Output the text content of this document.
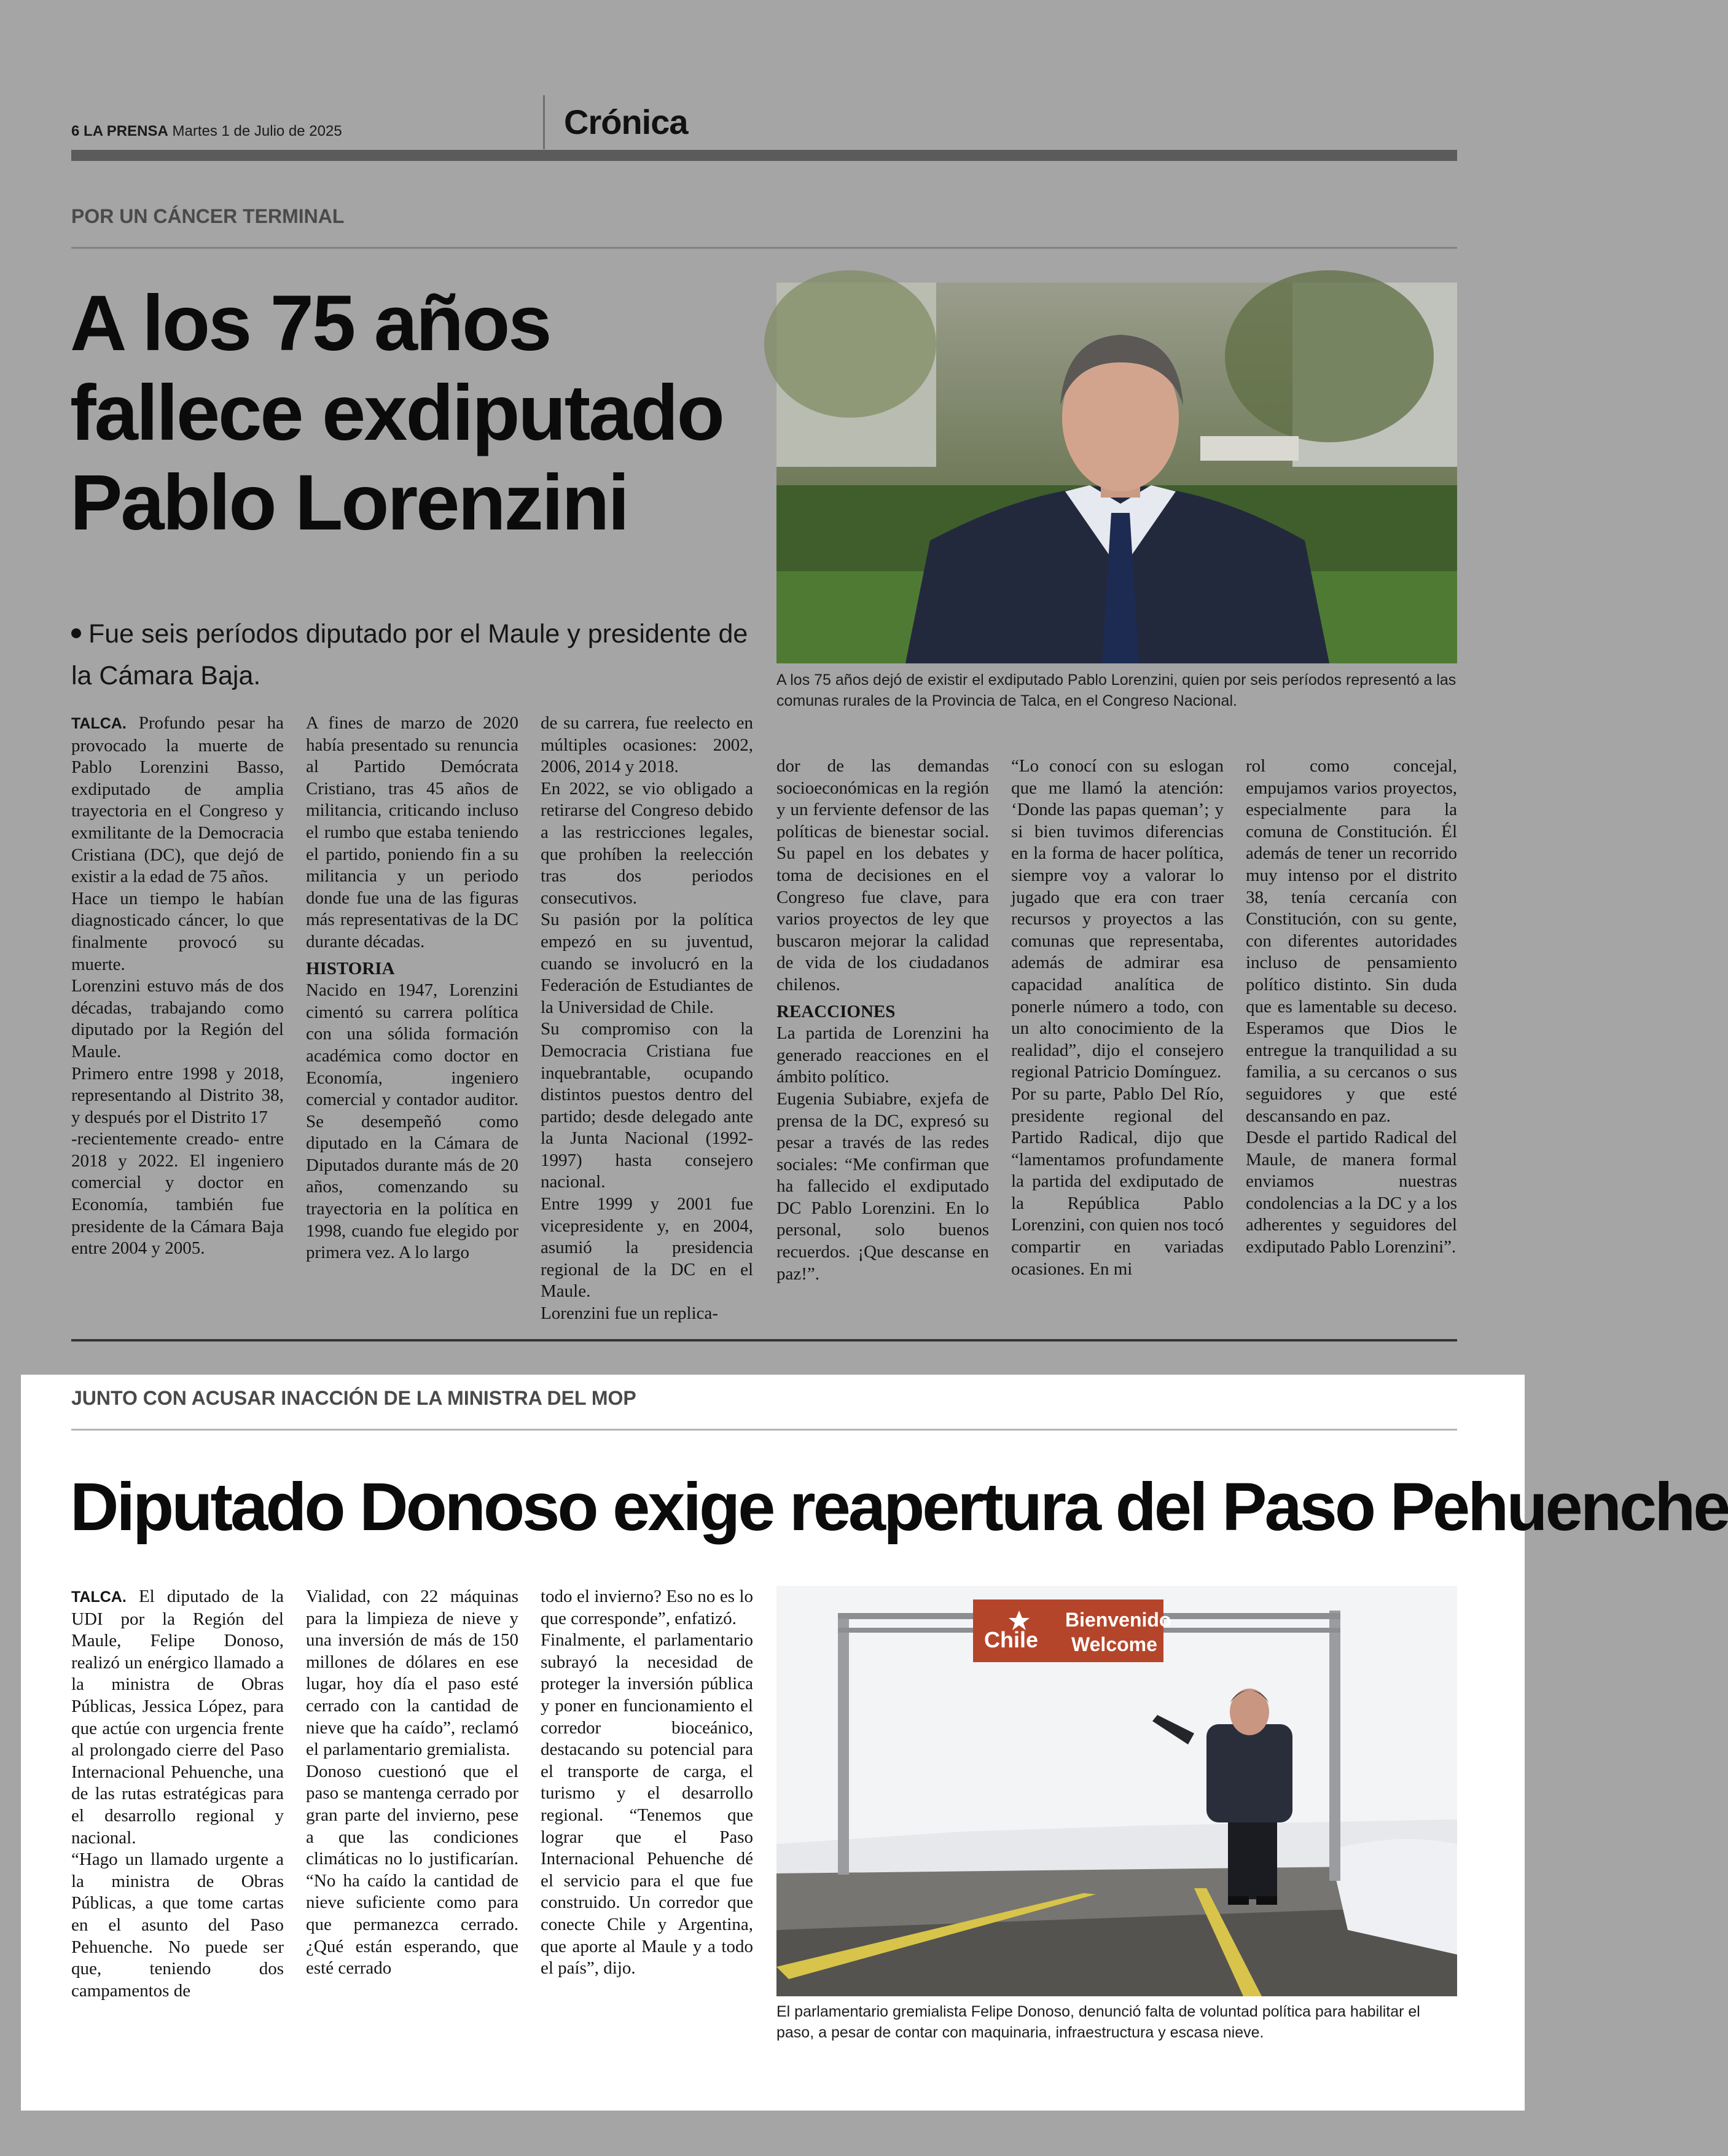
6 LA PRENSA Martes 1 de Julio de 2025	Crónica
POR UN CÁNCER TERMINAL
A los 75 años
fallece exdiputado
Pablo Lorenzini
Fue seis períodos diputado por el Maule y presidente de la Cámara Baja.	A los 75 años dejó de existir el exdiputado Pablo Lorenzini, quien por seis períodos representó a las comunas rurales de la Provincia de Talca, en el Congreso Nacional.

TALCA. Profundo pesar ha provocado la muerte de Pablo Lorenzini Basso, exdiputado de amplia trayectoria en el Congreso y exmilitante de la Democracia Cristiana (DC), que dejó de existir a la edad de 75 años.

Hace un tiempo le habían diagnosticado cáncer, lo que finalmente provocó su muerte.

Lorenzini estuvo más de dos décadas, trabajando como diputado por la Región del Maule.

Primero entre 1998 y 2018, representando al Distrito 38, y después por el Distrito 17

-recientemente creado- entre 2018 y 2022. El ingeniero comercial y doctor en Economía, también fue presidente de la Cámara Baja entre 2004 y 2005.

A fines de marzo de 2020 había presentado su renuncia al Partido Demócrata Cristiano, tras 45 años de militancia, criticando incluso el rumbo que estaba teniendo el partido, poniendo fin a su militancia y un periodo donde fue una de las figuras más representativas de la DC durante décadas.

HISTORIA

Nacido en 1947, Lorenzini cimentó su carrera política con una sólida formación académica como doctor en Economía, ingeniero comercial y contador auditor. Se desempeñó como diputado en la Cámara de Diputados durante más de 20 años, comenzando su trayectoria en la política en 1998, cuando fue elegido por primera vez. A lo largo

de su carrera, fue reelecto en múltiples ocasiones: 2002, 2006, 2014 y 2018.

En 2022, se vio obligado a retirarse del Congreso debido a las restricciones legales, que prohíben la reelección tras dos periodos consecutivos.

Su pasión por la política empezó en su juventud, cuando se involucró en la Federación de Estudiantes de la Universidad de Chile.

Su compromiso con la Democracia Cristiana fue inquebrantable, ocupando distintos puestos dentro del partido; desde delegado ante la Junta Nacional (1992-1997) hasta consejero nacional.

Entre 1999 y 2001 fue vicepresidente y, en 2004, asumió la presidencia regional de la DC en el Maule.

Lorenzini fue un replica-

dor de las demandas socioeconómicas en la región y un ferviente defensor de las políticas de bienestar social. Su papel en los debates y toma de decisiones en el Congreso fue clave, para varios proyectos de ley que buscaron mejorar la calidad de vida de los ciudadanos chilenos.

REACCIONES

La partida de Lorenzini ha generado reacciones en el ámbito político.

Eugenia Subiabre, exjefa de prensa de la DC, expresó su pesar a través de las redes sociales: “Me confirman que ha fallecido el exdiputado DC Pablo Lorenzini. En lo personal, solo buenos recuerdos. ¡Que descanse en paz!”.

“Lo conocí con su eslogan que me llamó la atención: ‘Donde las papas queman’; y si bien tuvimos diferencias en la forma de hacer política, siempre voy a valorar lo jugado que era con traer recursos y proyectos a las comunas que representaba, además de admirar esa capacidad analítica de ponerle número a todo, con un alto conocimiento de la realidad”, dijo el consejero regional Patricio Domínguez.

Por su parte, Pablo Del Río, presidente regional del Partido Radical, dijo que “lamentamos profundamente la partida del exdiputado de la República Pablo Lorenzini, con quien nos tocó compartir en variadas ocasiones. En mi

rol como concejal, empujamos varios proyectos, especialmente para la comuna de Constitución. Él además de tener un recorrido muy intenso por el distrito 38, tenía cercanía con Constitución, con su gente, con diferentes autoridades incluso de pensamiento político distinto. Sin duda que es lamentable su deceso. Esperamos que Dios le entregue la tranquilidad a su familia, a su cercanos o sus seguidores y que esté descansando en paz.

Desde el partido Radical del Maule, de manera formal enviamos nuestras condolencias a la DC y a los adherentes y seguidores del exdiputado Pablo Lorenzini”.

JUNTO CON ACUSAR INACCIÓN DE LA MINISTRA DEL MOP
Diputado Donoso exige reapertura del Paso Pehuenche

TALCA. El diputado de la UDI por la Región del Maule, Felipe Donoso, realizó un enérgico llamado a la ministra de Obras Públicas, Jessica López, para que actúe con urgencia frente al prolongado cierre del Paso Internacional Pehuenche, una de las rutas estratégicas para el desarrollo regional y nacional.

“Hago un llamado urgente a la ministra de Obras Públicas, a que tome cartas en el asunto del Paso Pehuenche. No puede ser que, teniendo dos campamentos de

Vialidad, con 22 máquinas para la limpieza de nieve y una inversión de más de 150 millones de dólares en ese lugar, hoy día el paso esté cerrado con la cantidad de nieve que ha caído”, reclamó el parlamentario gremialista.

Donoso cuestionó que el paso se mantenga cerrado por gran parte del invierno, pese a que las condiciones climáticas no lo justificarían. “No ha caído la cantidad de nieve suficiente como para que permanezca cerrado. ¿Qué están esperando, que esté cerrado

todo el invierno? Eso no es lo que corresponde”, enfatizó.

Finalmente, el parlamentario subrayó la necesidad de proteger la inversión pública y poner en funcionamiento el corredor bioceánico, destacando su potencial para el transporte de carga, el turismo y el desarrollo regional. “Tenemos que lograr que el Paso Internacional Pehuenche dé el servicio para el que fue construido. Un corredor que conecte Chile y Argentina, que aporte al Maule y a todo el país”, dijo.

Bienvenido
Welcome
Chile
El parlamentario gremialista Felipe Donoso, denunció falta de voluntad política para habilitar el paso, a pesar de contar con maquinaria, infraestructura y escasa nieve.
